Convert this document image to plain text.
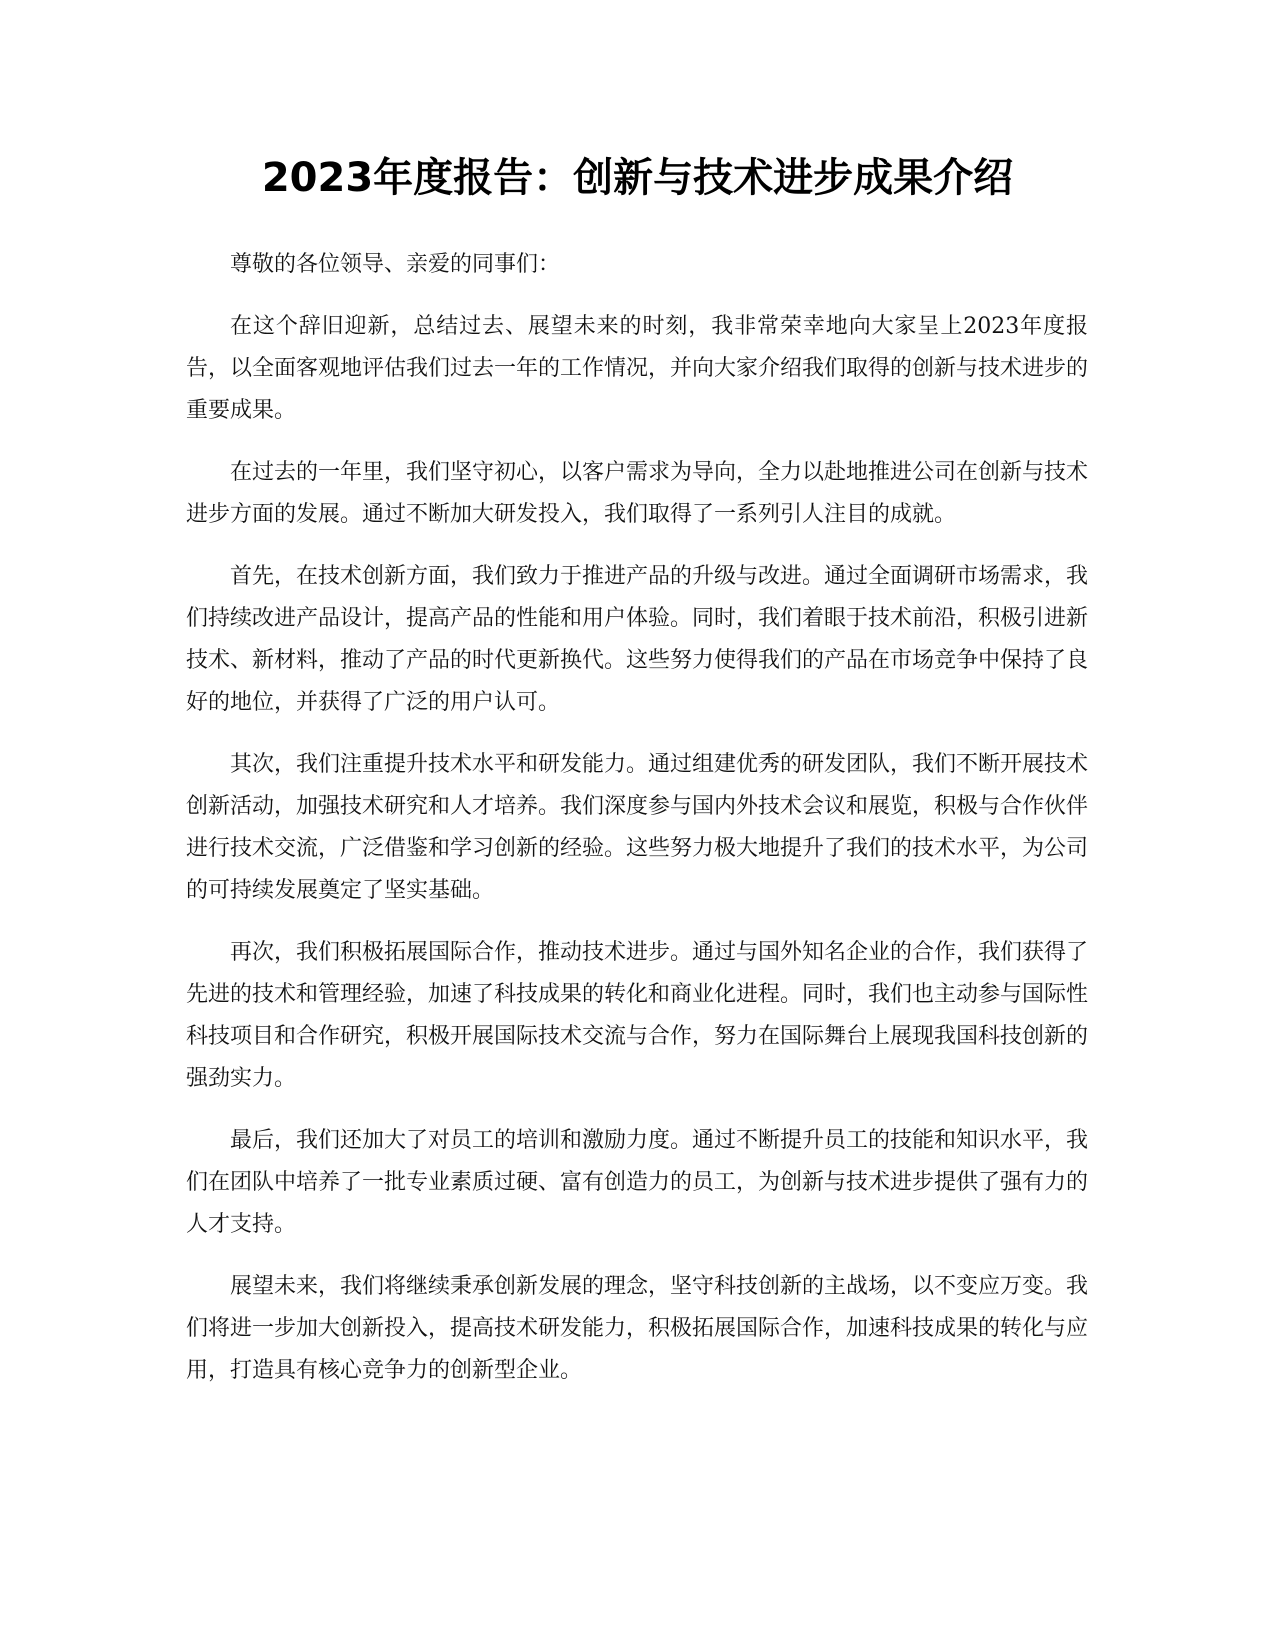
2023年度报告：创新与技术进步成果介绍

尊敬的各位领导、亲爱的同事们：

在这个辞旧迎新，总结过去、展望未来的时刻，我非常荣幸地向大家呈上2023年度报告，以全面客观地评估我们过去一年的工作情况，并向大家介绍我们取得的创新与技术进步的重要成果。

在过去的一年里，我们坚守初心，以客户需求为导向，全力以赴地推进公司在创新与技术进步方面的发展。通过不断加大研发投入，我们取得了一系列引人注目的成就。

首先，在技术创新方面，我们致力于推进产品的升级与改进。通过全面调研市场需求，我们持续改进产品设计，提高产品的性能和用户体验。同时，我们着眼于技术前沿，积极引进新技术、新材料，推动了产品的时代更新换代。这些努力使得我们的产品在市场竞争中保持了良好的地位，并获得了广泛的用户认可。

其次，我们注重提升技术水平和研发能力。通过组建优秀的研发团队，我们不断开展技术创新活动，加强技术研究和人才培养。我们深度参与国内外技术会议和展览，积极与合作伙伴进行技术交流，广泛借鉴和学习创新的经验。这些努力极大地提升了我们的技术水平，为公司的可持续发展奠定了坚实基础。

再次，我们积极拓展国际合作，推动技术进步。通过与国外知名企业的合作，我们获得了先进的技术和管理经验，加速了科技成果的转化和商业化进程。同时，我们也主动参与国际性科技项目和合作研究，积极开展国际技术交流与合作，努力在国际舞台上展现我国科技创新的强劲实力。

最后，我们还加大了对员工的培训和激励力度。通过不断提升员工的技能和知识水平，我们在团队中培养了一批专业素质过硬、富有创造力的员工，为创新与技术进步提供了强有力的人才支持。

展望未来，我们将继续秉承创新发展的理念，坚守科技创新的主战场，以不变应万变。我们将进一步加大创新投入，提高技术研发能力，积极拓展国际合作，加速科技成果的转化与应用，打造具有核心竞争力的创新型企业。
